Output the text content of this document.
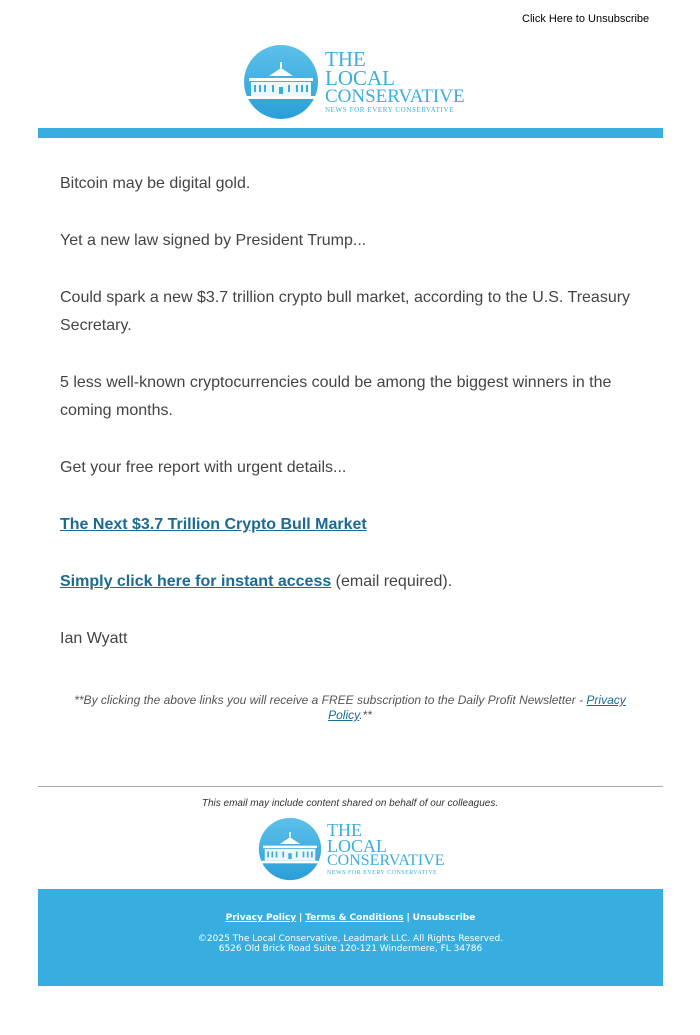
Click Here to Unsubscribe
THE
LOCAL
CONSERVATIVE
NEWS FOR EVERY CONSERVATIVE

Bitcoin may be digital gold.

Yet a new law signed by President Trump...

Could spark a new $3.7 trillion crypto bull market, according to the U.S. Treasury Secretary.

5 less well-known cryptocurrencies could be among the biggest winners in the coming months.

Get your free report with urgent details...

The Next $3.7 Trillion Crypto Bull Market

Simply click here for instant access (email required).

Ian Wyatt

**By clicking the above links you will receive a FREE subscription to the Daily Profit Newsletter - Privacy Policy.**
This email may include content shared on behalf of our colleagues.
THE
LOCAL
CONSERVATIVE
NEWS FOR EVERY CONSERVATIVE
Privacy Policy | Terms & Conditions | Unsubscribe
©2025 The Local Conservative, Leadmark LLC. All Rights Reserved.
6526 Old Brick Road Suite 120-121 Windermere, FL 34786
